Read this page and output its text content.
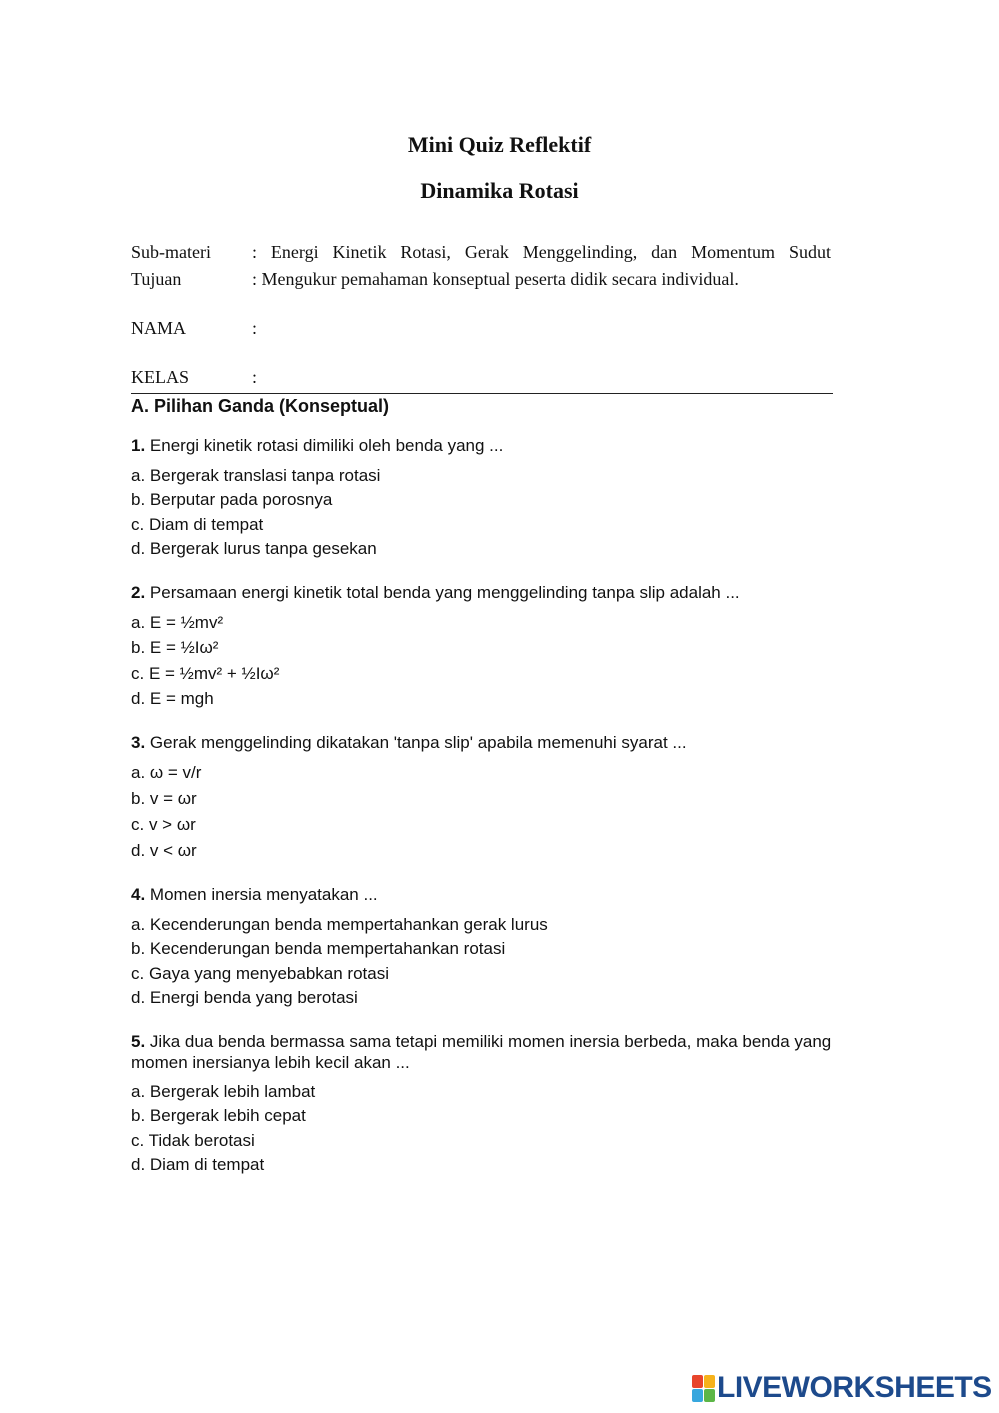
Mini Quiz Reflektif
Dinamika Rotasi
Sub-materi : Energi Kinetik Rotasi, Gerak Menggelinding, dan Momentum Sudut
Tujuan	: Mengukur pemahaman konseptual peserta didik secara individual.
NAMA	:
KELAS	:
A. Pilihan Ganda (Konseptual)
1. Energi kinetik rotasi dimiliki oleh benda yang ...
a. Bergerak translasi tanpa rotasi
b. Berputar pada porosnya
c. Diam di tempat
d. Bergerak lurus tanpa gesekan
2. Persamaan energi kinetik total benda yang menggelinding tanpa slip adalah ...
a. E = ½mv²
b. E = ½Iω²
c. E = ½mv² + ½Iω²
d. E = mgh
3. Gerak menggelinding dikatakan 'tanpa slip' apabila memenuhi syarat ...
a. ω = v/r
b. v = ωr
c. v > ωr
d. v < ωr
4. Momen inersia menyatakan ...
a. Kecenderungan benda mempertahankan gerak lurus
b. Kecenderungan benda mempertahankan rotasi
c. Gaya yang menyebabkan rotasi
d. Energi benda yang berotasi
5. Jika dua benda bermassa sama tetapi memiliki momen inersia berbeda, maka benda yang momen inersianya lebih kecil akan ...
a. Bergerak lebih lambat
b. Bergerak lebih cepat
c. Tidak berotasi
d. Diam di tempat
LIVEWORKSHEETS
